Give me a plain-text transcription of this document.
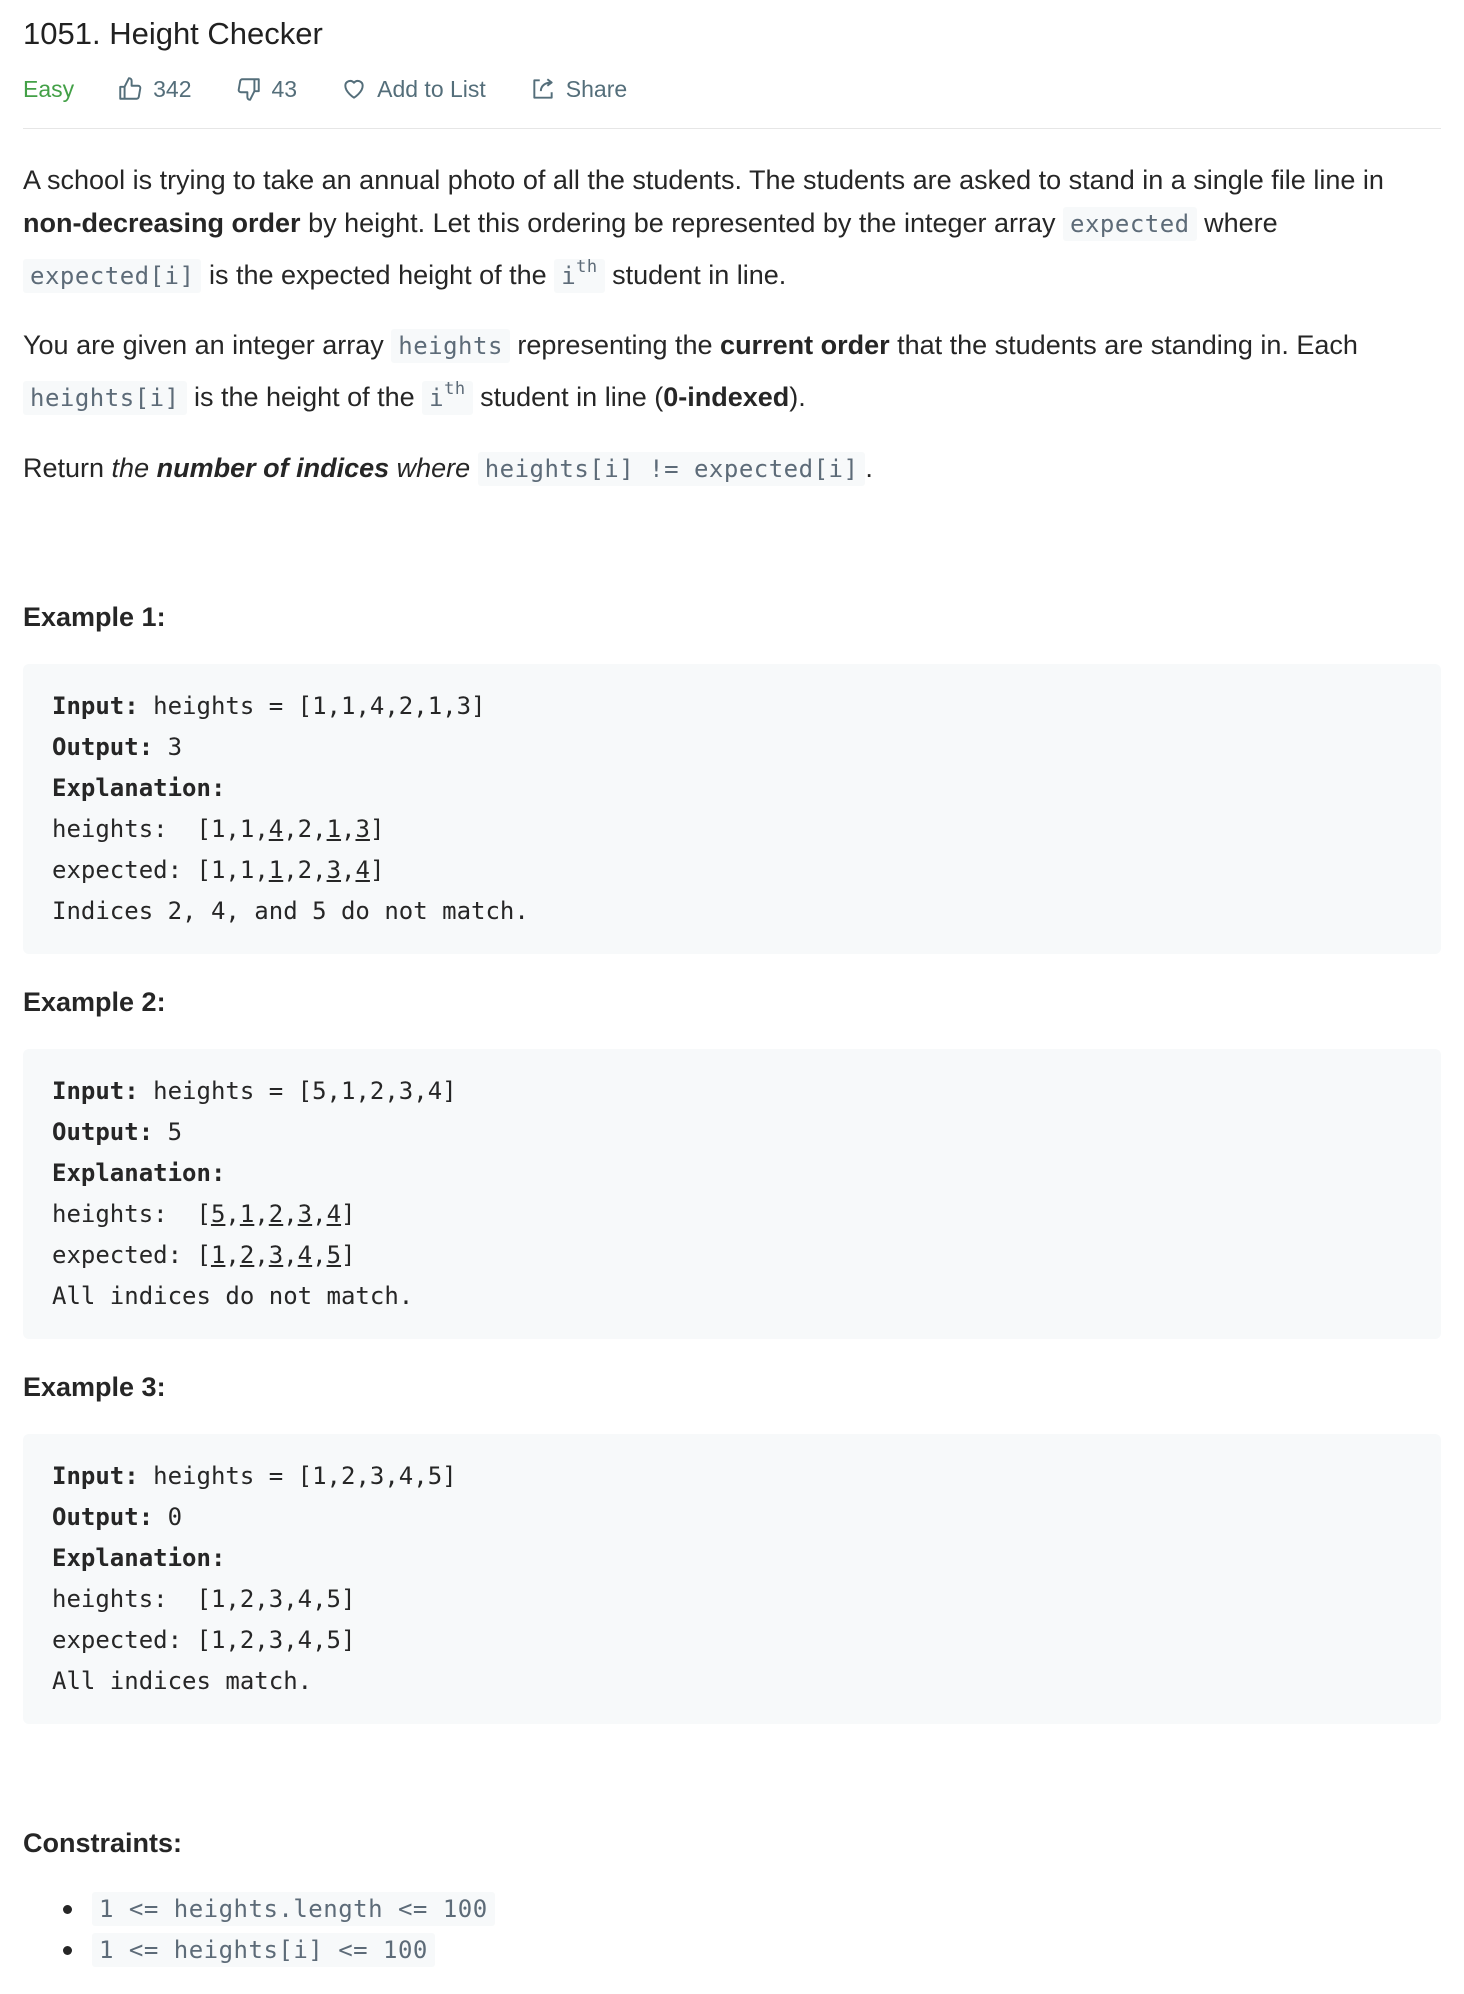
1051. Height Checker
Easy	342	43	Add to List	Share

A school is trying to take an annual photo of all the students. The students are asked to stand in a single file line in non-decreasing order by height. Let this ordering be represented by the integer array expected where
expected[i] is the expected height of the $i^{th}$ student in line.

You are given an integer array heights representing the current order that the students are standing in. Each
heights[i] is the height of the $i^{th}$ student in line (0-indexed).

Return the number of indices where heights[i] != expected[i] .

Example 1:
Input: heights = [1,1,4,2,1,3]
Output: 3
Explanation:
heights:  [1,1,4,2,1,3]
expected: [1,1,1,2,3,4]
Indices 2, 4, and 5 do not match.
Example 2:
Input: heights = [5,1,2,3,4]
Output: 5
Explanation:
heights:  [5,1,2,3,4]
expected: [1,2,3,4,5]
All indices do not match.
Example 3:
Input: heights = [1,2,3,4,5]
Output: 0
Explanation:
heights:  [1,2,3,4,5]
expected: [1,2,3,4,5]
All indices match.
Constraints:
1 <= heights.length <= 100
1 <= heights[i] <= 100
